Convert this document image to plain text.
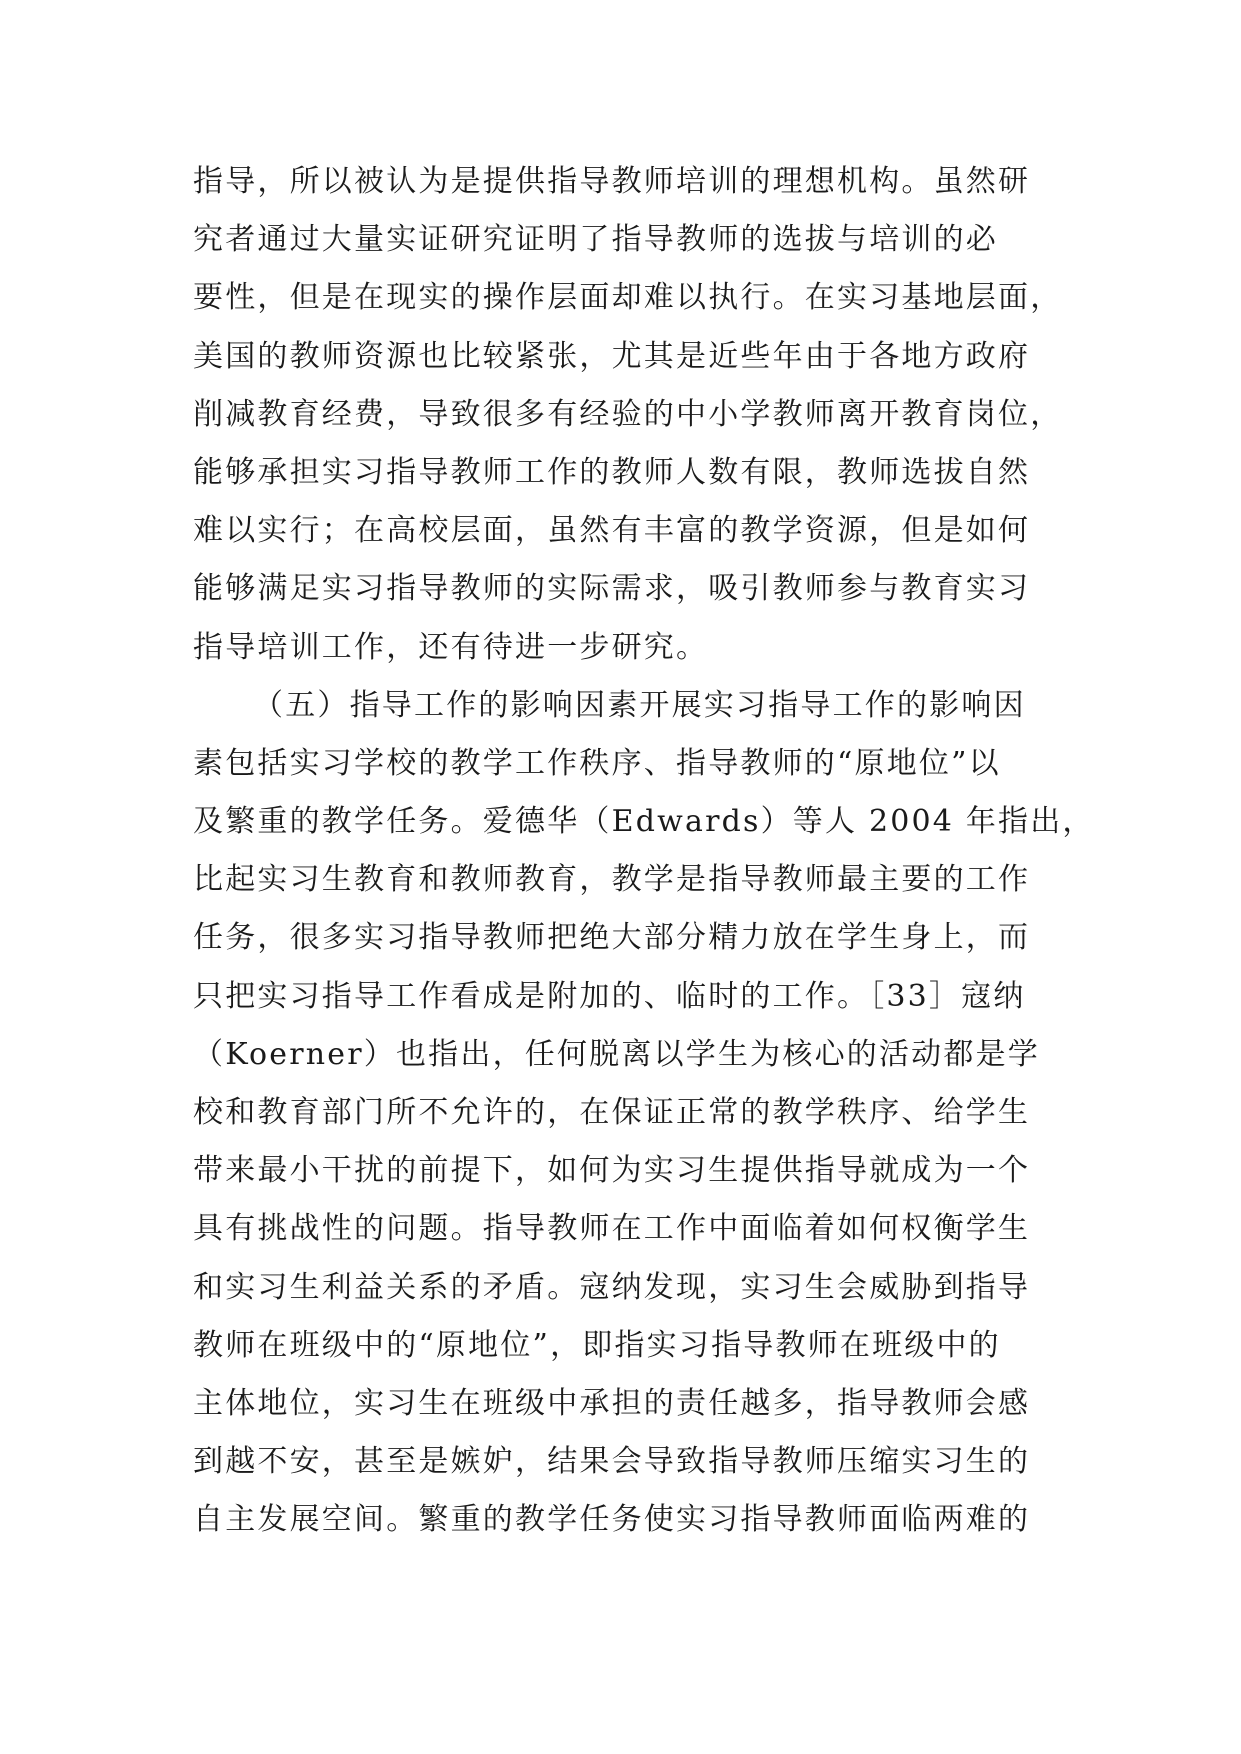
指导，所以被认为是提供指导教师培训的理想机构。虽然研
究者通过大量实证研究证明了指导教师的选拔与培训的必
要性，但是在现实的操作层面却难以执行。在实习基地层面，
美国的教师资源也比较紧张，尤其是近些年由于各地方政府
削减教育经费，导致很多有经验的中小学教师离开教育岗位，
能够承担实习指导教师工作的教师人数有限，教师选拔自然
难以实行；在高校层面，虽然有丰富的教学资源，但是如何
能够满足实习指导教师的实际需求，吸引教师参与教育实习
指导培训工作，还有待进一步研究。
（五）指导工作的影响因素开展实习指导工作的影响因
素包括实习学校的教学工作秩序、指导教师的“原地位”以
及繁重的教学任务。爱德华（Edwards）等人 2004 年指出，
比起实习生教育和教师教育，教学是指导教师最主要的工作
任务，很多实习指导教师把绝大部分精力放在学生身上，而
只把实习指导工作看成是附加的、临时的工作。［33］寇纳
（Koerner）也指出，任何脱离以学生为核心的活动都是学
校和教育部门所不允许的，在保证正常的教学秩序、给学生
带来最小干扰的前提下，如何为实习生提供指导就成为一个
具有挑战性的问题。指导教师在工作中面临着如何权衡学生
和实习生利益关系的矛盾。寇纳发现，实习生会威胁到指导
教师在班级中的“原地位”，即指实习指导教师在班级中的
主体地位，实习生在班级中承担的责任越多，指导教师会感
到越不安，甚至是嫉妒，结果会导致指导教师压缩实习生的
自主发展空间。繁重的教学任务使实习指导教师面临两难的
